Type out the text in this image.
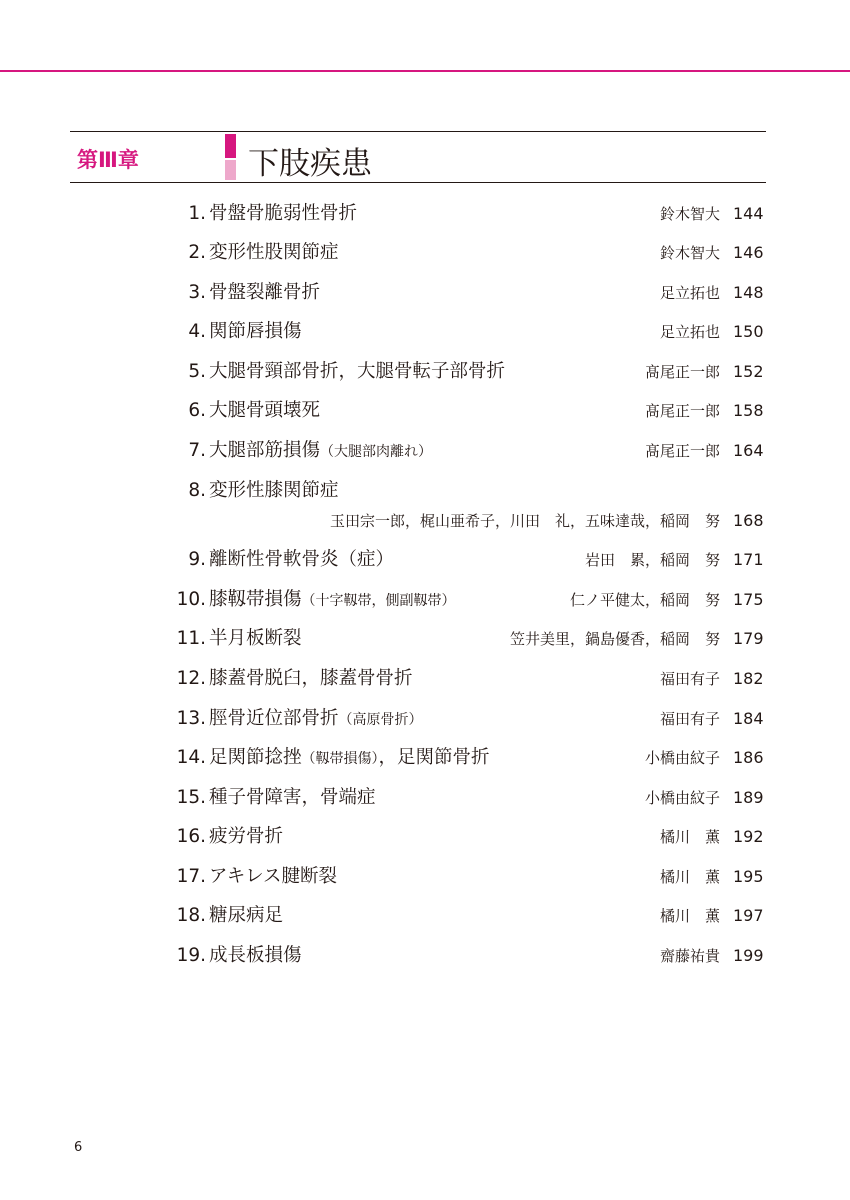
第Ⅲ章	下肢疾患
1. 骨盤骨脆弱性骨折	鈴木智大 144
2. 変形性股関節症	鈴木智大 146
3. 骨盤裂離骨折	足立拓也 148
4. 関節唇損傷	足立拓也 150
5. 大腿骨頸部骨折，大腿骨転子部骨折	髙尾正一郎 152
6. 大腿骨頭壊死	髙尾正一郎 158
7. 大腿部筋損傷（大腿部肉離れ）	髙尾正一郎 164
8. 変形性膝関節症
玉田宗一郎，梶山亜希子，川田　礼，五味達哉，稲岡　努 168
9. 離断性骨軟骨炎（症）	岩田　累，稲岡　努 171
10. 膝靱帯損傷（十字靱帯，側副靱帯）	仁ノ平健太，稲岡　努 175
11. 半月板断裂	笠井美里，鍋島優香，稲岡　努 179
12. 膝蓋骨脱臼，膝蓋骨骨折	福田有子 182
13. 脛骨近位部骨折（高原骨折）	福田有子 184
14. 足関節捻挫（靱帯損傷），足関節骨折	小橋由紋子 186
15. 種子骨障害，骨端症	小橋由紋子 189
16. 疲労骨折	橘川　薫 192
17. アキレス腱断裂	橘川　薫 195
18. 糖尿病足	橘川　薫 197
19. 成長板損傷	齋藤祐貴 199
6
